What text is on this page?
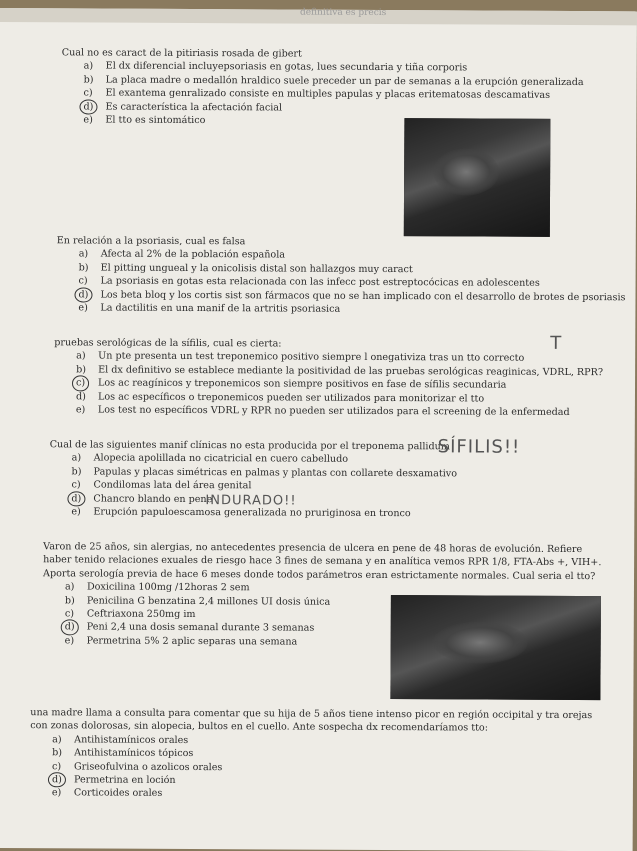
definitiva es precis

Cual no es caract de la pitiriasis rosada de gibert

a) El dx diferencial incluyepsoriasis en gotas, lues secundaria y tiña corporis
b) La placa madre o medallón hraldico suele preceder un par de semanas a la erupción generalizada
c) El exantema genralizado consiste en multiples papulas y placas eritematosas descamativas
d)	Es característica la afectación facial
e) El tto es sintomático

En relación a la psoriasis, cual es falsa

a) Afecta al 2% de la población española
b) El pitting ungueal y la onicolisis distal son hallazgos muy caract
c) La psoriasis en gotas esta relacionada con las infecc post estreptocócicas en adolescentes
d)	Los beta bloq y los cortis sist son fármacos que no se han implicado con el desarrollo de brotes de psoriasis
e) La dactilitis en una manif de la artritis psoriasica

pruebas serológicas de la sífilis, cual es cierta:

a) Un pte presenta un test treponemico positivo siempre l onegativiza tras un tto correcto
b) El dx definitivo se establece mediante la positividad de las pruebas serológicas reaginicas, VDRL, RPR?
c)	Los ac reagínicos y treponemicos son siempre positivos en fase de sífilis secundaria
d) Los ac específicos o treponemicos pueden ser utilizados para monitorizar el tto
e) Los test no específicos VDRL y RPR no pueden ser utilizados para el screening de la enfermedad
T

Cual de las siguientes manif clínicas no esta producida por el treponema pallidum

a) Alopecia apolillada no cicatricial en cuero cabelludo
b) Papulas y placas simétricas en palmas y plantas con collarete desxamativo
c) Condilomas lata del área genital
d)	Chancro blando en pene
e) Erupción papuloescamosa generalizada no pruriginosa en tronco
SÍFILIS!!
INDURADO!!

Varon de 25 años, sin alergias, no antecedentes presencia de ulcera en pene de 48 horas de evolución. Refiere haber tenido relaciones exuales de riesgo hace 3 fines de semana y en analítica vemos RPR 1/8, FTA-Abs +, VIH+. Aporta serología previa de hace 6 meses donde todos parámetros eran estrictamente normales. Cual seria el tto?

a) Doxicilina 100mg /12horas 2 sem
b) Penicilina G benzatina 2,4 millones UI dosis única
c) Ceftriaxona 250mg im
d)	Peni 2,4 una dosis semanal durante 3 semanas
e) Permetrina 5% 2 aplic separas una semana

una madre llama a consulta para comentar que su hija de 5 años tiene intenso picor en región occipital y tra orejas con zonas dolorosas, sin alopecia, bultos en el cuello. Ante sospecha dx recomendaríamos tto:

a) Antihistamínicos orales
b) Antihistamínicos tópicos
c) Griseofulvina o azolicos orales
d)	Permetrina en loción
e) Corticoides orales
